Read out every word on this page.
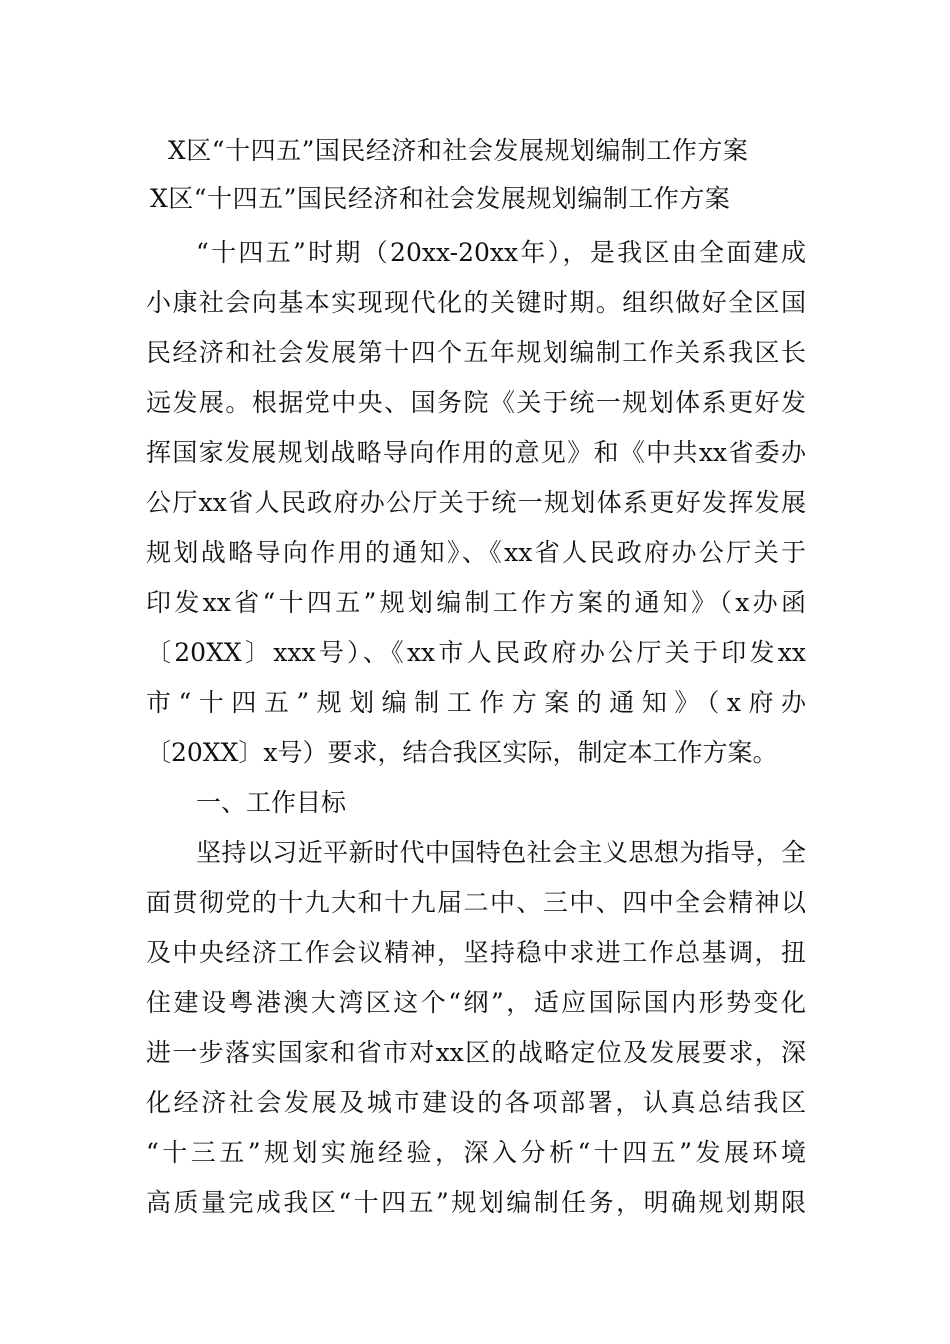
X区“十四五”国民经济和社会发展规划编制工作方案
X区“十四五”国民经济和社会发展规划编制工作方案
“十四五”时期（20xx-20xx年），是我区由全面建成
小康社会向基本实现现代化的关键时期。组织做好全区国
民经济和社会发展第十四个五年规划编制工作关系我区长
远发展。根据党中央、国务院《关于统一规划体系更好发
挥国家发展规划战略导向作用的意见》和《中共xx省委办
公厅xx省人民政府办公厅关于统一规划体系更好发挥发展
规划战略导向作用的通知》、《xx省人民政府办公厅关于
印发xx省“十四五”规划编制工作方案的通知》（x办函
〔20XX〕xxx号）、《xx市人民政府办公厅关于印发xx
市“十四五”规划编制工作方案的通知》（x府办
〔20XX〕x号）要求，结合我区实际，制定本工作方案。
一、工作目标
坚持以习近平新时代中国特色社会主义思想为指导，全
面贯彻党的十九大和十九届二中、三中、四中全会精神以
及中央经济工作会议精神，坚持稳中求进工作总基调，扭
住建设粤港澳大湾区这个“纲”，适应国际国内形势变化
进一步落实国家和省市对xx区的战略定位及发展要求，深
化经济社会发展及城市建设的各项部署，认真总结我区
“十三五”规划实施经验，深入分析“十四五”发展环境
高质量完成我区“十四五”规划编制任务，明确规划期限
